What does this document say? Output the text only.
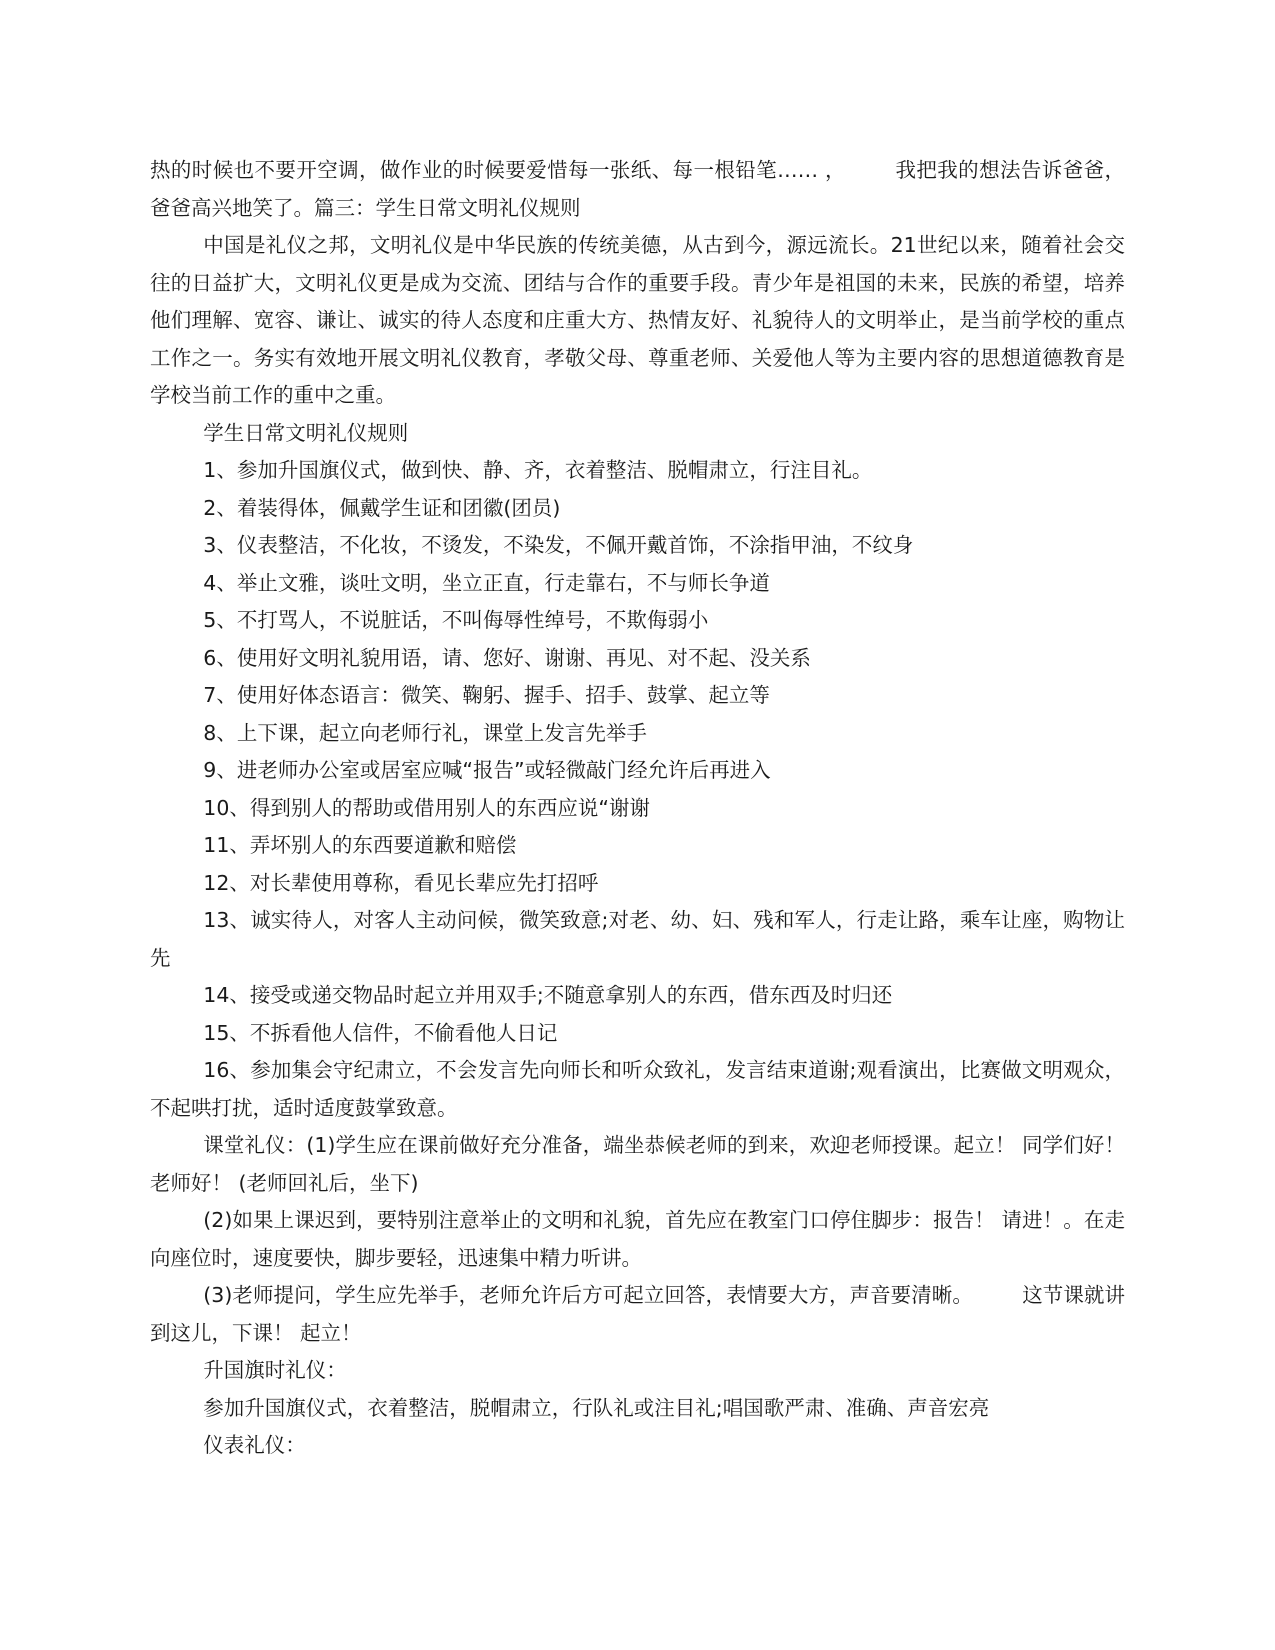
热的时候也不要开空调，做作业的时候要爱惜每一张纸、每一根铅笔…… ， 我把我的想法告诉爸爸，爸爸高兴地笑了。篇三：学生日常文明礼仪规则

中国是礼仪之邦，文明礼仪是中华民族的传统美德，从古到今，源远流长。21世纪以来，随着社会交往的日益扩大，文明礼仪更是成为交流、团结与合作的重要手段。青少年是祖国的未来，民族的希望，培养他们理解、宽容、谦让、诚实的待人态度和庄重大方、热情友好、礼貌待人的文明举止，是当前学校的重点工作之一。务实有效地开展文明礼仪教育，孝敬父母、尊重老师、关爱他人等为主要内容的思想道德教育是学校当前工作的重中之重。

学生日常文明礼仪规则

1、参加升国旗仪式，做到快、静、齐，衣着整洁、脱帽肃立，行注目礼。

2、着装得体，佩戴学生证和团徽(团员)

3、仪表整洁，不化妆，不烫发，不染发，不佩开戴首饰，不涂指甲油，不纹身

4、举止文雅，谈吐文明，坐立正直，行走靠右，不与师长争道

5、不打骂人，不说脏话，不叫侮辱性绰号，不欺侮弱小

6、使用好文明礼貌用语，请、您好、谢谢、再见、对不起、没关系

7、使用好体态语言：微笑、鞠躬、握手、招手、鼓掌、起立等

8、上下课，起立向老师行礼，课堂上发言先举手

9、进老师办公室或居室应喊“报告”或轻微敲门经允许后再进入

10、得到别人的帮助或借用别人的东西应说“谢谢

11、弄坏别人的东西要道歉和赔偿

12、对长辈使用尊称，看见长辈应先打招呼

13、诚实待人，对客人主动问候，微笑致意;对老、幼、妇、残和军人，行走让路，乘车让座，购物让先

14、接受或递交物品时起立并用双手;不随意拿别人的东西，借东西及时归还

15、不拆看他人信件，不偷看他人日记

16、参加集会守纪肃立，不会发言先向师长和听众致礼，发言结束道谢;观看演出，比赛做文明观众，不起哄打扰，适时适度鼓掌致意。

课堂礼仪：(1)学生应在课前做好充分准备，端坐恭候老师的到来，欢迎老师授课。起立！ 同学们好！ 老师好！ (老师回礼后，坐下)

(2)如果上课迟到，要特别注意举止的文明和礼貌，首先应在教室门口停住脚步：报告！ 请进！。在走向座位时，速度要快，脚步要轻，迅速集中精力听讲。

(3)老师提问，学生应先举手，老师允许后方可起立回答，表情要大方，声音要清晰。 这节课就讲到这儿，下课！ 起立！

升国旗时礼仪：

参加升国旗仪式，衣着整洁，脱帽肃立，行队礼或注目礼;唱国歌严肃、准确、声音宏亮

仪表礼仪：
